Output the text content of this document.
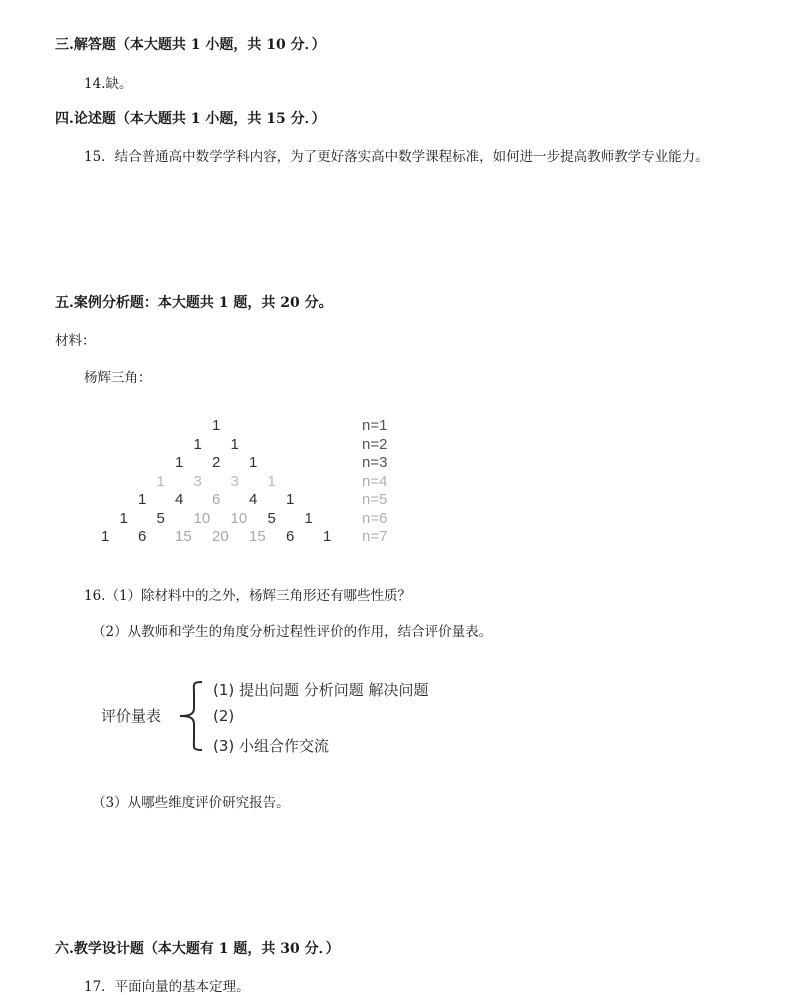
三.解答题（本大题共 1 小题，共 10 分．）
14.缺。
四.论述题（本大题共 1 小题，共 15 分．）
15．结合普通高中数学学科内容，为了更好落实高中数学课程标准，如何进一步提高教师教学专业能力。
五.案例分析题：本大题共 1 题，共 20 分。
材料：
杨辉三角：
1	n=1
1 1	n=2
1 2 1	n=3
1 3 3 1	n=4
1 4 6 4 1	n=5
1 5 10 10 5 1	n=6
1 6 15 20 15 6 1 n=7
16.（1）除材料中的之外，杨辉三角形还有哪些性质？
（2）从教师和学生的角度分析过程性评价的作用，结合评价量表。
评价量表
(1) 提出问题 分析问题 解决问题
(2)
(3) 小组合作交流
（3）从哪些维度评价研究报告。
六.教学设计题（本大题有 1 题，共 30 分．）
17．平面向量的基本定理。
